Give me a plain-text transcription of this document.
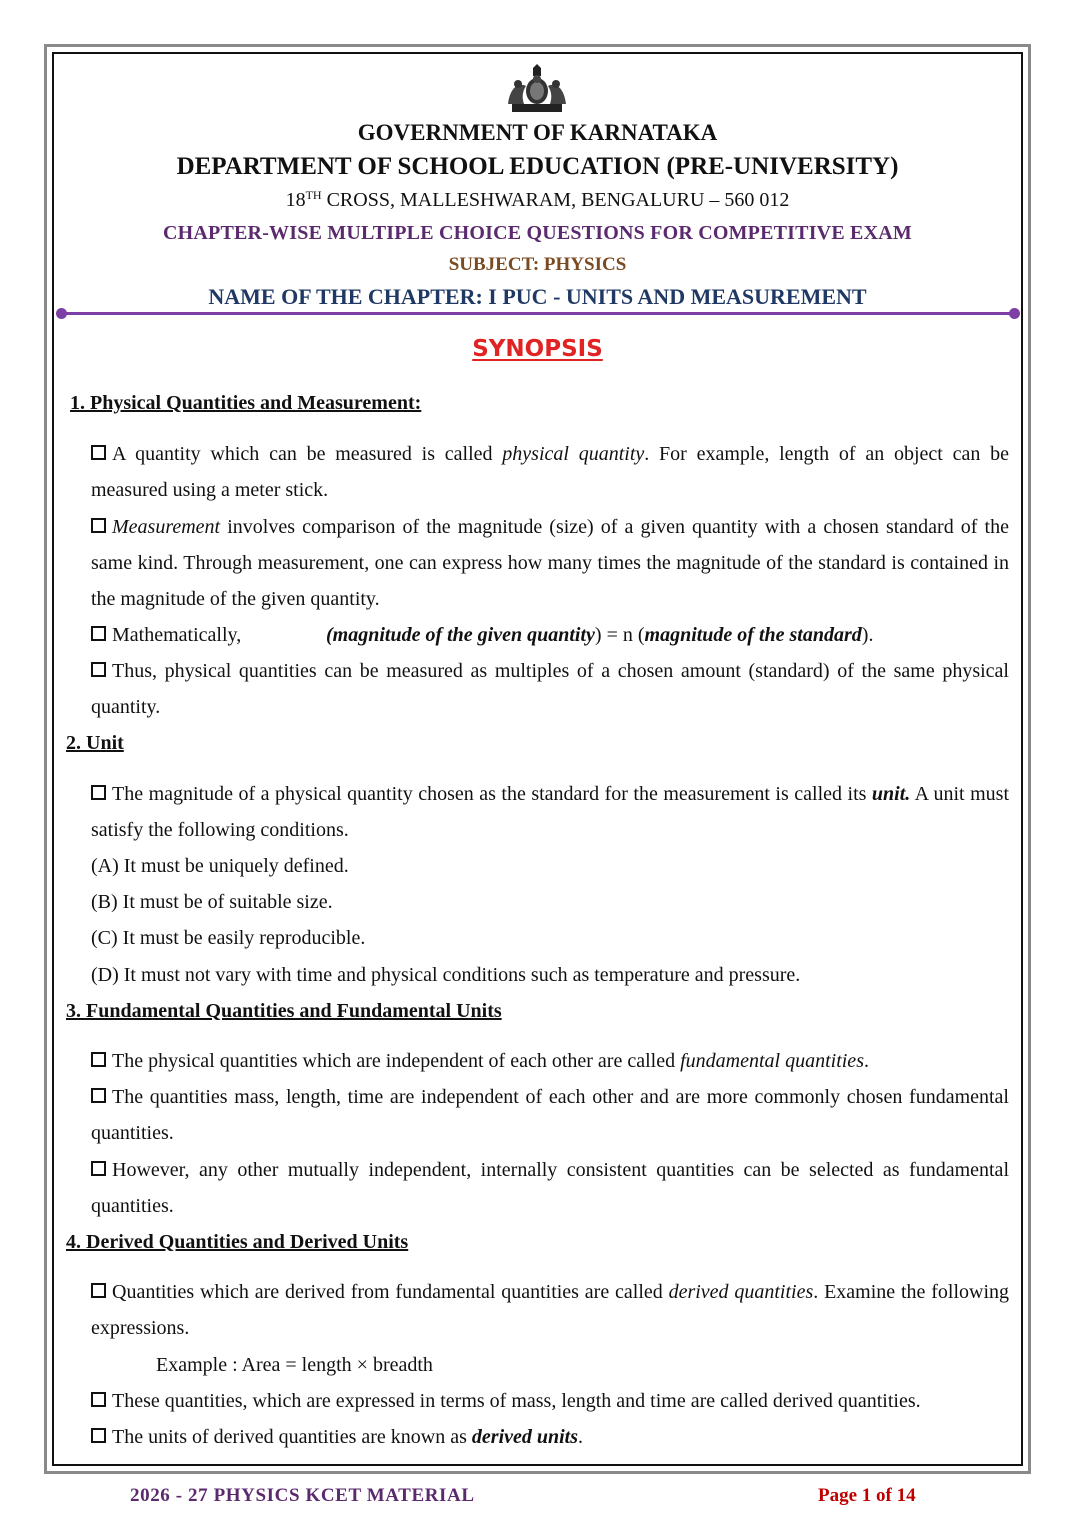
GOVERNMENT OF KARNATAKA
DEPARTMENT OF SCHOOL EDUCATION (PRE-UNIVERSITY)
18TH CROSS, MALLESHWARAM, BENGALURU – 560 012
CHAPTER-WISE MULTIPLE CHOICE QUESTIONS FOR COMPETITIVE EXAM
SUBJECT: PHYSICS
NAME OF THE CHAPTER: I PUC - UNITS AND MEASUREMENT
SYNOPSIS
1. Physical Quantities and Measurement:
A quantity which can be measured is called physical quantity. For example, length of an object can be measured using a meter stick.
Measurement involves comparison of the magnitude (size) of a given quantity with a chosen standard of the same kind. Through measurement, one can express how many times the magnitude of the standard is contained in the magnitude of the given quantity.
Mathematically,	(magnitude of the given quantity) = n (magnitude of the standard).
Thus, physical quantities can be measured as multiples of a chosen amount (standard) of the same physical quantity.
2. Unit
The magnitude of a physical quantity chosen as the standard for the measurement is called its unit. A unit must satisfy the following conditions.
(A) It must be uniquely defined.
(B) It must be of suitable size.
(C) It must be easily reproducible.
(D) It must not vary with time and physical conditions such as temperature and pressure.
3. Fundamental Quantities and Fundamental Units
The physical quantities which are independent of each other are called fundamental quantities.
The quantities mass, length, time are independent of each other and are more commonly chosen fundamental quantities.
However, any other mutually independent, internally consistent quantities can be selected as fundamental quantities.
4. Derived Quantities and Derived Units
Quantities which are derived from fundamental quantities are called derived quantities. Examine the following expressions.
Example : Area = length × breadth
These quantities, which are expressed in terms of mass, length and time are called derived quantities.
The units of derived quantities are known as derived units.
2026 - 27 PHYSICS KCET MATERIAL	Page 1 of 14
